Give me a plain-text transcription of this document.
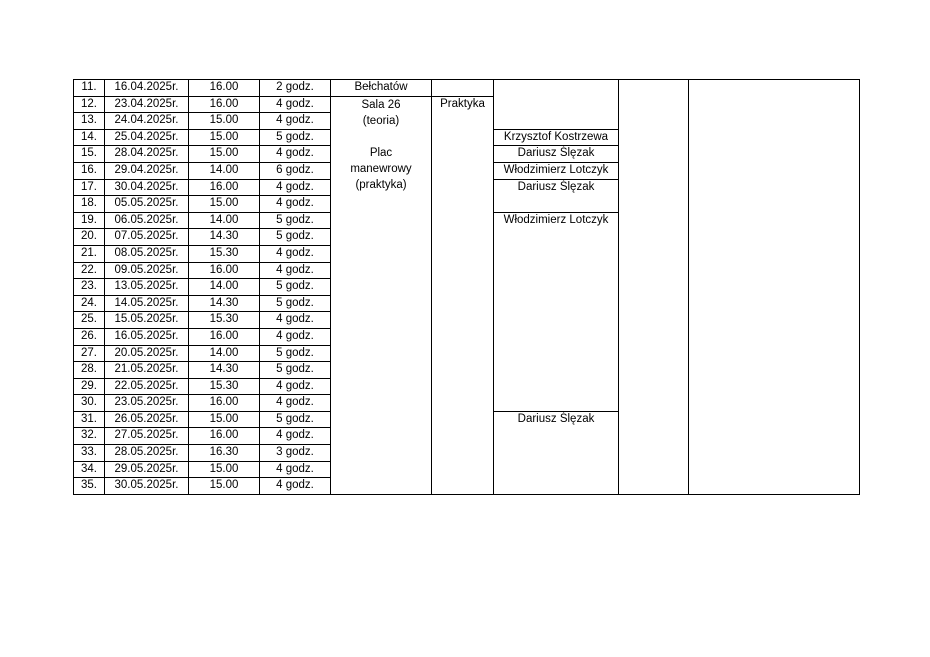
11.	16.04.2025r.	16.00	2 godz.	Bełchatów				
12.	23.04.2025r.	16.00	4 godz.	Sala 26
(teoria)
Plac
manewrowy
(praktyka)	Praktyka			
13.	24.04.2025r.	15.00	4 godz.					
14.	25.04.2025r.	15.00	5 godz.			Krzysztof Kostrzewa		
15.	28.04.2025r.	15.00	4 godz.			Dariusz Ślęzak		
16.	29.04.2025r.	14.00	6 godz.			Włodzimierz Lotczyk		
17.	30.04.2025r.	16.00	4 godz.			Dariusz Ślęzak		
18.	05.05.2025r.	15.00	4 godz.					
19.	06.05.2025r.	14.00	5 godz.			Włodzimierz Lotczyk		
20.	07.05.2025r.	14.30	5 godz.					
21.	08.05.2025r.	15.30	4 godz.					
22.	09.05.2025r.	16.00	4 godz.					
23.	13.05.2025r.	14.00	5 godz.					
24.	14.05.2025r.	14.30	5 godz.					
25.	15.05.2025r.	15.30	4 godz.					
26.	16.05.2025r.	16.00	4 godz.					
27.	20.05.2025r.	14.00	5 godz.					
28.	21.05.2025r.	14.30	5 godz.					
29.	22.05.2025r.	15.30	4 godz.					
30.	23.05.2025r.	16.00	4 godz.					
31.	26.05.2025r.	15.00	5 godz.			Dariusz Ślęzak		
32.	27.05.2025r.	16.00	4 godz.					
33.	28.05.2025r.	16.30	3 godz.					
34.	29.05.2025r.	15.00	4 godz.					
35.	30.05.2025r.	15.00	4 godz.					
